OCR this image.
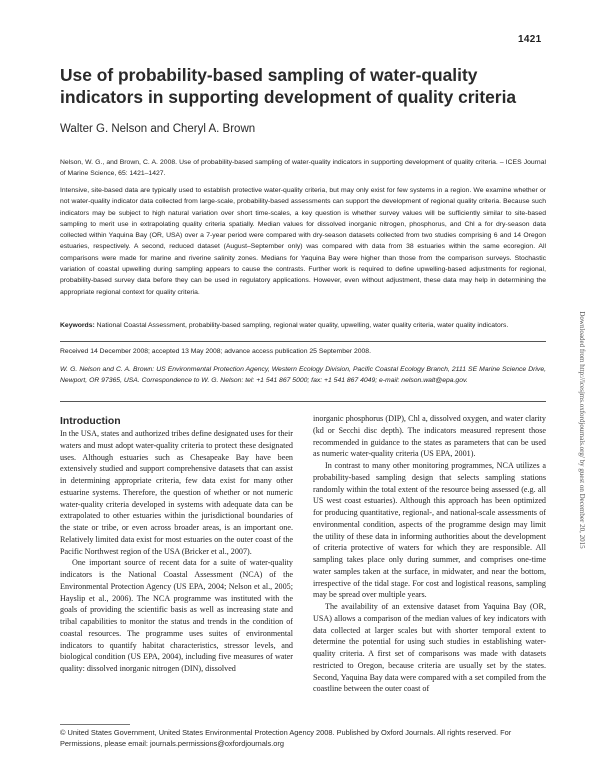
1421
Use of probability-based sampling of water-quality indicators in supporting development of quality criteria
Walter G. Nelson and Cheryl A. Brown
Nelson, W. G., and Brown, C. A. 2008. Use of probability-based sampling of water-quality indicators in supporting development of quality criteria. – ICES Journal of Marine Science, 65: 1421–1427.
Intensive, site-based data are typically used to establish protective water-quality criteria, but may only exist for few systems in a region. We examine whether or not water-quality indicator data collected from large-scale, probability-based assessments can support the development of regional quality criteria. Because such indicators may be subject to high natural variation over short time-scales, a key question is whether survey values will be sufficiently similar to site-based sampling to merit use in extrapolating quality criteria spatially. Median values for dissolved inorganic nitrogen, phosphorus, and Chl a for dry-season data collected within Yaquina Bay (OR, USA) over a 7-year period were compared with dry-season datasets collected from two studies comprising 6 and 14 Oregon estuaries, respectively. A second, reduced dataset (August–September only) was compared with data from 38 estuaries within the same ecoregion. All comparisons were made for marine and riverine salinity zones. Medians for Yaquina Bay were higher than those from the comparison surveys. Stochastic variation of coastal upwelling during sampling appears to cause the contrasts. Further work is required to define upwelling-based adjustments for regional, probability-based survey data before they can be used in regulatory applications. However, even without adjustment, these data may help in determining the appropriate regional context for quality criteria.
Keywords: National Coastal Assessment, probability-based sampling, regional water quality, upwelling, water quality criteria, water quality indicators.
Received 14 December 2008; accepted 13 May 2008; advance access publication 25 September 2008.
W. G. Nelson and C. A. Brown: US Environmental Protection Agency, Western Ecology Division, Pacific Coastal Ecology Branch, 2111 SE Marine Science Drive, Newport, OR 97365, USA. Correspondence to W. G. Nelson: tel: +1 541 867 5000; fax: +1 541 867 4049; e-mail: nelson.walt@epa.gov.
Introduction

In the USA, states and authorized tribes define designated uses for their waters and must adopt water-quality criteria to protect these designated uses. Although estuaries such as Chesapeake Bay have been extensively studied and support comprehensive datasets that can assist in determining appropriate criteria, few data exist for many other estuarine systems. Therefore, the question of whether or not numeric water-quality criteria developed in systems with adequate data can be extrapolated to other estuaries within the jurisdictional boundaries of the state or tribe, or even across broader areas, is an important one. Relatively limited data exist for most estuaries on the outer coast of the Pacific Northwest region of the USA (Bricker et al., 2007).

One important source of recent data for a suite of water-quality indicators is the National Coastal Assessment (NCA) of the Environmental Protection Agency (US EPA, 2004; Nelson et al., 2005; Hayslip et al., 2006). The NCA programme was instituted with the goals of providing the scientific basis as well as increasing state and tribal capabilities to monitor the status and trends in the condition of coastal resources. The programme uses suites of environmental indicators to quantify habitat characteristics, stressor levels, and biological condition (US EPA, 2004), including five measures of water quality: dissolved inorganic nitrogen (DIN), dissolved

inorganic phosphorus (DIP), Chl a, dissolved oxygen, and water clarity (kd or Secchi disc depth). The indicators measured represent those recommended in guidance to the states as parameters that can be used as numeric water-quality criteria (US EPA, 2001).

In contrast to many other monitoring programmes, NCA utilizes a probability-based sampling design that selects sampling stations randomly within the total extent of the resource being assessed (e.g. all US west coast estuaries). Although this approach has been optimized for producing quantitative, regional-, and national-scale assessments of environmental condition, aspects of the programme design may limit the utility of these data in informing authorities about the development of criteria protective of waters for which they are responsible. All sampling takes place only during summer, and comprises one-time water samples taken at the surface, in midwater, and near the bottom, irrespective of the tidal stage. For cost and logistical reasons, sampling may be spread over multiple years.

The availability of an extensive dataset from Yaquina Bay (OR, USA) allows a comparison of the median values of key indicators with data collected at larger scales but with shorter temporal extent to determine the potential for using such studies in establishing water-quality criteria. A first set of comparisons was made with datasets restricted to Oregon, because criteria are usually set by the states. Second, Yaquina Bay data were compared with a set compiled from the coastline between the outer coast of

© United States Government, United States Environmental Protection Agency 2008. Published by Oxford Journals. All rights reserved. For Permissions, please email: journals.permissions@oxfordjournals.org
Downloaded from http://icesjms.oxfordjournals.org/ by guest on December 20, 2015
